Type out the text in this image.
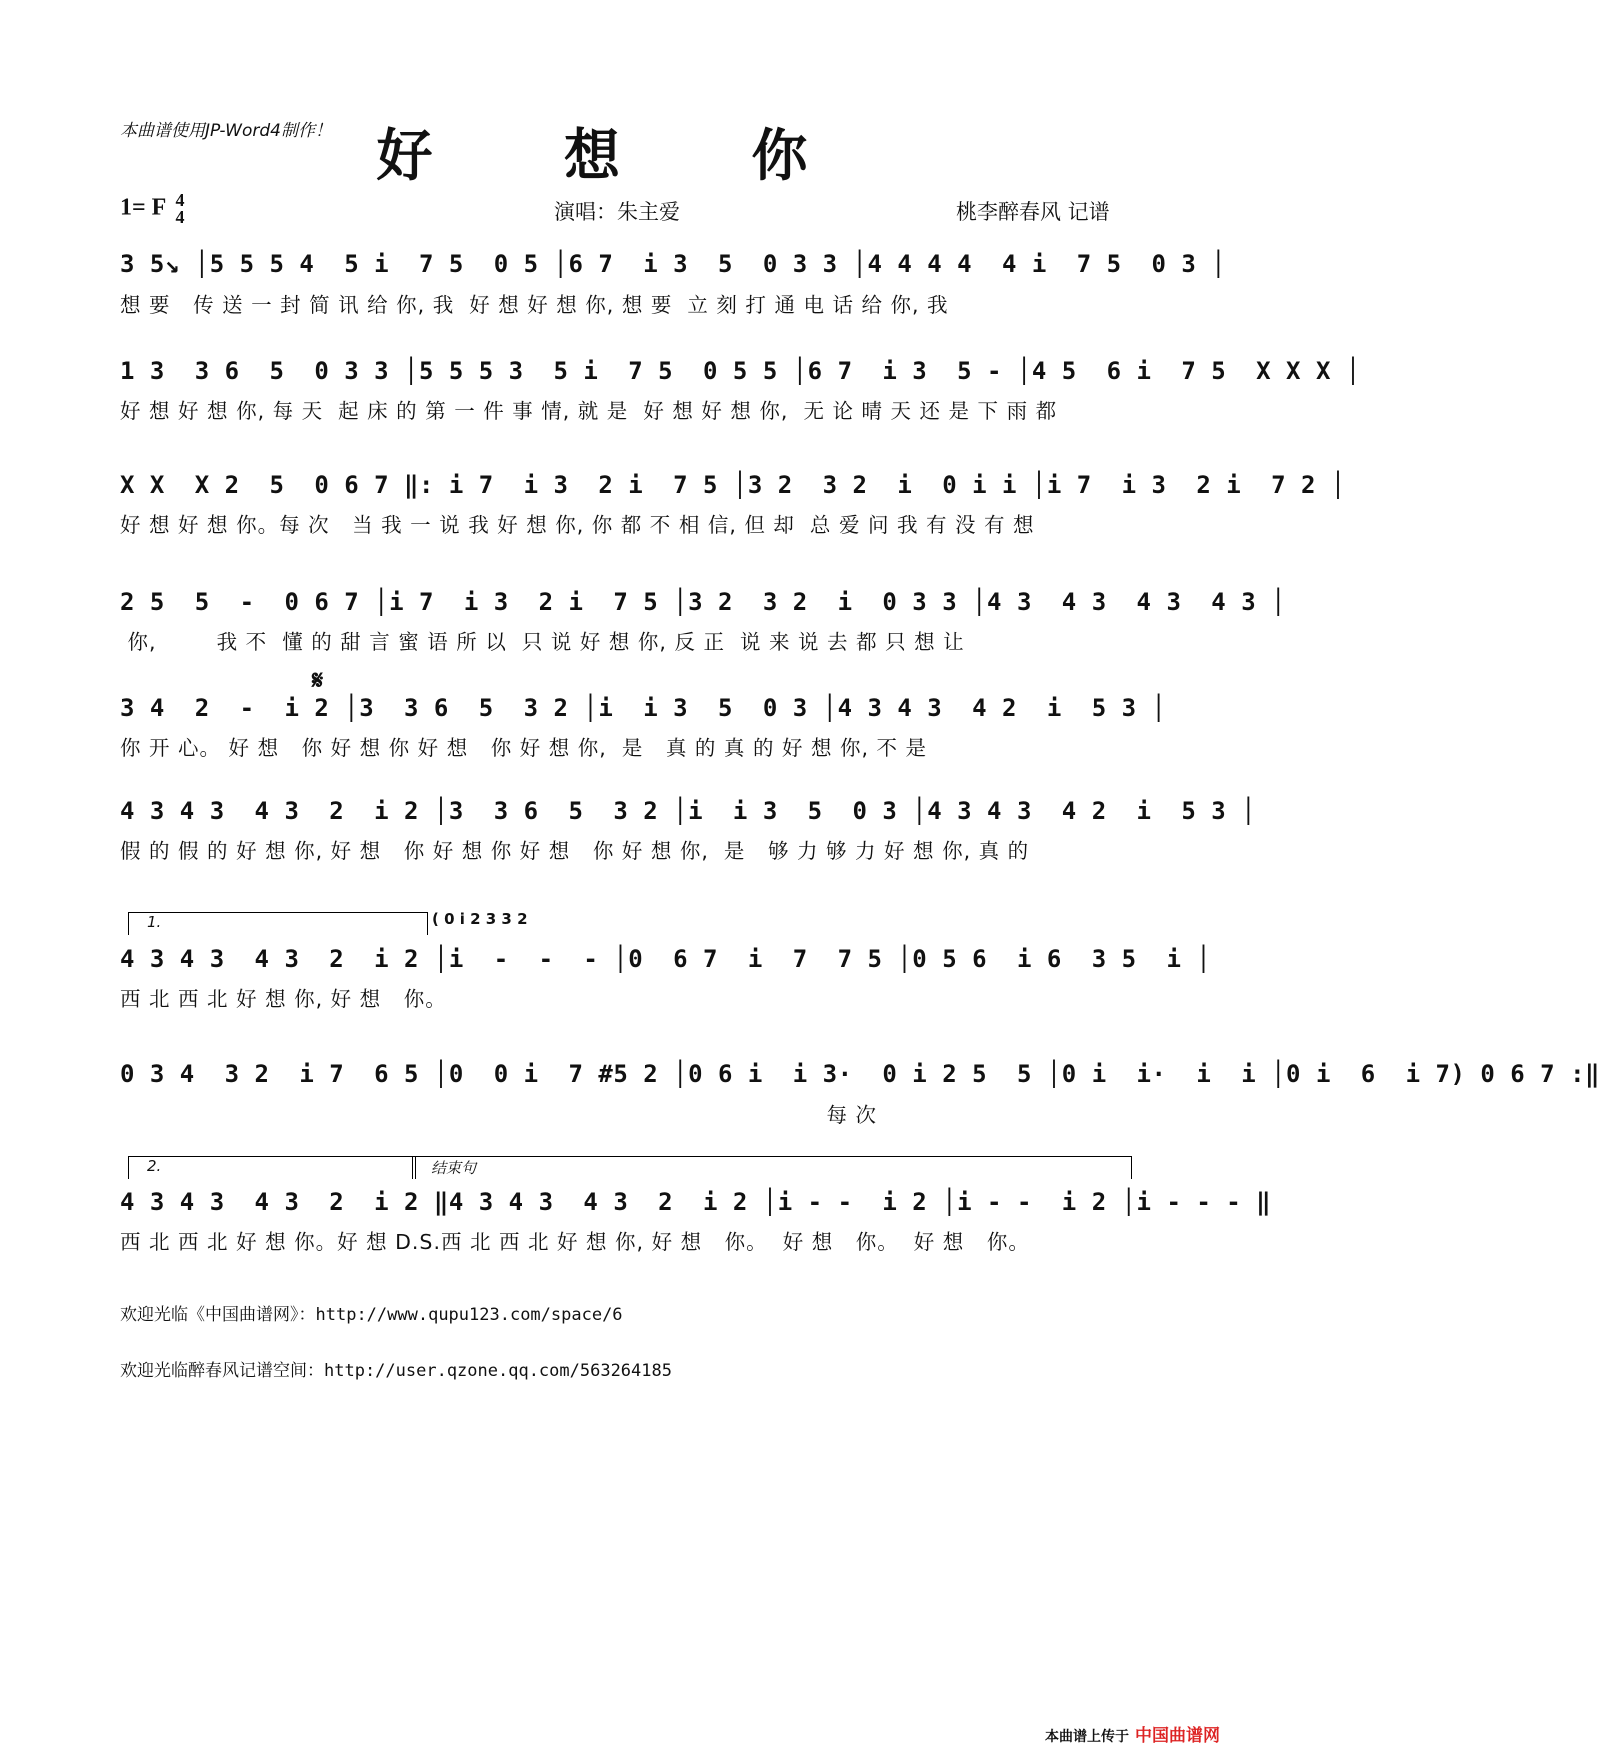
本曲谱使用JP-Word4制作！ 好 想 你
1= F 4
4	演唱：朱主爱	桃李醉春风 记谱
3 5↘ │5 5 5 4  5 i  7 5  0 5 │6 7  i 3  5  0 3 3 │4 4 4 4  4 i  7 5  0 3 │
想 要   传 送 一 封 简 讯 给 你, 我  好 想 好 想 你, 想 要  立 刻 打 通 电 话 给 你, 我
1 3  3 6  5  0 3 3 │5 5 5 3  5 i  7 5  0 5 5 │6 7  i 3  5 - │4 5  6 i  7 5  X X X │
好 想 好 想 你, 每 天  起 床 的 第 一 件 事 情, 就 是  好 想 好 想 你,  无 论 晴 天 还 是 下 雨 都
X X  X 2  5  0 6 7 ‖: i 7  i 3  2 i  7 5 │3 2  3 2  i  0 i i │i 7  i 3  2 i  7 2 │
好 想 好 想 你。每 次   当 我 一 说 我 好 想 你, 你 都 不 相 信, 但 却  总 爱 问 我 有 没 有 想
2 5  5  -  0 6 7 │i 7  i 3  2 i  7 5 │3 2  3 2  i  0 3 3 │4 3  4 3  4 3  4 3 │
你,        我 不  懂 的 甜 言 蜜 语 所 以  只 说 好 想 你, 反 正  说 来 说 去 都 只 想 让
𝄋
3 4  2  -  i 2 │3  3 6  5  3 2 │i  i 3  5  0 3 │4 3 4 3  4 2  i  5 3 │
你 开 心。 好 想   你 好 想 你 好 想   你 好 想 你,  是   真 的 真 的 好 想 你, 不 是
4 3 4 3  4 3  2  i 2 │3  3 6  5  3 2 │i  i 3  5  0 3 │4 3 4 3  4 2  i  5 3 │
假 的 假 的 好 想 你, 好 想   你 好 想 你 好 想   你 好 想 你,  是   够 力 够 力 好 想 你, 真 的
1.	( 0 i 2 3 3 2
4 3 4 3  4 3  2  i 2 │i  -  -  - │0  6 7  i  7  7 5 │0 5 6  i 6  3 5  i │
西 北 西 北 好 想 你, 好 想   你。
0 3 4  3 2  i 7  6 5 │0  0 i  7 #5 2 │0 6 i  i 3·  0 i 2 5  5 │0 i  i·  i  i │0 i  6  i 7) 0 6 7 :‖
每 次
2.	结束句
4 3 4 3  4 3  2  i 2 ‖4 3 4 3  4 3  2  i 2 │i - -  i 2 │i - -  i 2 │i - - - ‖
西 北 西 北 好 想 你。好 想 D.S.西 北 西 北 好 想 你, 好 想   你。  好 想   你。  好 想   你。
欢迎光临《中国曲谱网》：http://www.qupu123.com/space/6
欢迎光临醉春风记谱空间：http://user.qzone.qq.com/563264185
本曲谱上传于 中国曲谱网
